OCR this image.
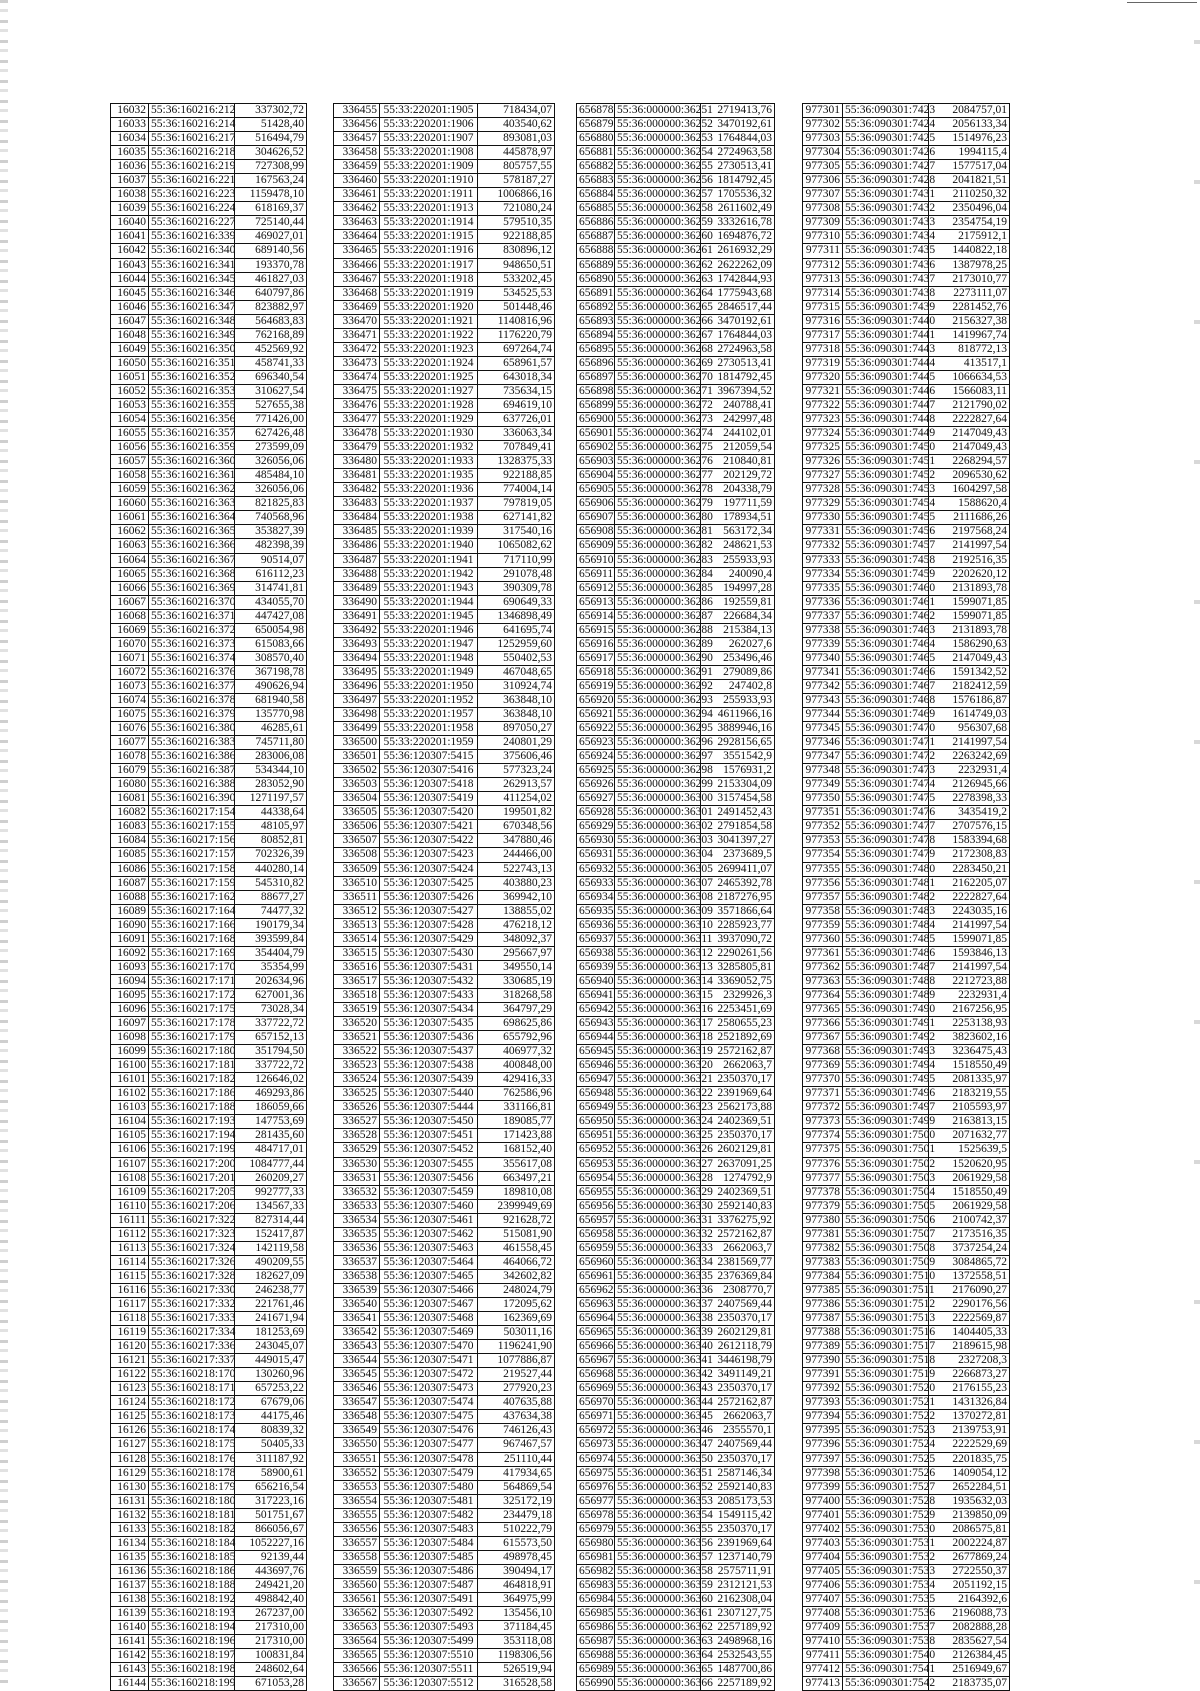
16032	55:36:160216:212	337302,72
16033	55:36:160216:214	51428,40
16034	55:36:160216:217	516494,79
16035	55:36:160216:218	304626,52
16036	55:36:160216:219	727308,99
16037	55:36:160216:221	167563,24
16038	55:36:160216:223	1159478,10
16039	55:36:160216:224	618169,37
16040	55:36:160216:227	725140,44
16041	55:36:160216:339	469027,01
16042	55:36:160216:340	689140,56
16043	55:36:160216:341	193370,78
16044	55:36:160216:345	461827,03
16045	55:36:160216:346	640797,86
16046	55:36:160216:347	823882,97
16047	55:36:160216:348	564683,83
16048	55:36:160216:349	762168,89
16049	55:36:160216:350	452569,92
16050	55:36:160216:351	458741,33
16051	55:36:160216:352	696340,54
16052	55:36:160216:353	310627,54
16053	55:36:160216:355	527655,38
16054	55:36:160216:356	771426,00
16055	55:36:160216:357	627426,48
16056	55:36:160216:359	273599,09
16057	55:36:160216:360	326056,06
16058	55:36:160216:361	485484,10
16059	55:36:160216:362	326056,06
16060	55:36:160216:363	821825,83
16061	55:36:160216:364	740568,96
16062	55:36:160216:365	353827,39
16063	55:36:160216:366	482398,39
16064	55:36:160216:367	90514,07
16065	55:36:160216:368	616112,23
16066	55:36:160216:369	314741,81
16067	55:36:160216:370	434055,70
16068	55:36:160216:371	447427,08
16069	55:36:160216:372	650054,98
16070	55:36:160216:373	615083,66
16071	55:36:160216:374	308570,40
16072	55:36:160216:376	367198,78
16073	55:36:160216:377	490626,94
16074	55:36:160216:378	681940,58
16075	55:36:160216:379	135770,98
16076	55:36:160216:380	46285,61
16077	55:36:160216:383	745711,80
16078	55:36:160216:386	283006,08
16079	55:36:160216:387	534344,10
16080	55:36:160216:388	283052,90
16081	55:36:160216:390	1271197,57
16082	55:36:160217:154	44338,64
16083	55:36:160217:155	48105,97
16084	55:36:160217:156	80852,81
16085	55:36:160217:157	702326,39
16086	55:36:160217:158	440280,14
16087	55:36:160217:159	545310,82
16088	55:36:160217:162	88677,27
16089	55:36:160217:164	74477,32
16090	55:36:160217:166	190179,34
16091	55:36:160217:168	393599,84
16092	55:36:160217:169	354404,79
16093	55:36:160217:170	35354,99
16094	55:36:160217:171	202634,96
16095	55:36:160217:172	627001,36
16096	55:36:160217:175	73028,34
16097	55:36:160217:178	337722,72
16098	55:36:160217:179	657152,13
16099	55:36:160217:180	351794,50
16100	55:36:160217:181	337722,72
16101	55:36:160217:182	126646,02
16102	55:36:160217:186	469293,86
16103	55:36:160217:188	186059,66
16104	55:36:160217:193	147753,69
16105	55:36:160217:194	281435,60
16106	55:36:160217:199	484717,01
16107	55:36:160217:200	1084777,44
16108	55:36:160217:201	260209,27
16109	55:36:160217:205	992777,33
16110	55:36:160217:206	134567,33
16111	55:36:160217:322	827314,44
16112	55:36:160217:323	152417,87
16113	55:36:160217:324	142119,58
16114	55:36:160217:326	490209,55
16115	55:36:160217:328	182627,09
16116	55:36:160217:330	246238,77
16117	55:36:160217:332	221761,46
16118	55:36:160217:333	241671,94
16119	55:36:160217:334	181253,69
16120	55:36:160217:336	243045,07
16121	55:36:160217:337	449015,47
16122	55:36:160218:170	130260,96
16123	55:36:160218:171	657253,22
16124	55:36:160218:172	67679,06
16125	55:36:160218:173	44175,46
16126	55:36:160218:174	80839,32
16127	55:36:160218:175	50405,33
16128	55:36:160218:176	311187,92
16129	55:36:160218:178	58900,61
16130	55:36:160218:179	656216,54
16131	55:36:160218:180	317223,16
16132	55:36:160218:181	501751,67
16133	55:36:160218:182	866056,67
16134	55:36:160218:184	1052227,16
16135	55:36:160218:185	92139,44
16136	55:36:160218:186	443697,76
16137	55:36:160218:188	249421,20
16138	55:36:160218:192	498842,40
16139	55:36:160218:193	267237,00
16140	55:36:160218:194	217310,00
16141	55:36:160218:196	217310,00
16142	55:36:160218:197	100831,84
16143	55:36:160218:198	248602,64
16144	55:36:160218:199	671053,28
336455	55:33:220201:1905	718434,07
336456	55:33:220201:1906	403540,62
336457	55:33:220201:1907	893081,03
336458	55:33:220201:1908	445878,97
336459	55:33:220201:1909	805757,55
336460	55:33:220201:1910	578187,27
336461	55:33:220201:1911	1006866,16
336462	55:33:220201:1913	721080,24
336463	55:33:220201:1914	579510,35
336464	55:33:220201:1915	922188,85
336465	55:33:220201:1916	830896,12
336466	55:33:220201:1917	948650,51
336467	55:33:220201:1918	533202,45
336468	55:33:220201:1919	534525,53
336469	55:33:220201:1920	501448,46
336470	55:33:220201:1921	1140816,96
336471	55:33:220201:1922	1176220,79
336472	55:33:220201:1923	697264,74
336473	55:33:220201:1924	658961,57
336474	55:33:220201:1925	643018,34
336475	55:33:220201:1927	735634,15
336476	55:33:220201:1928	694619,10
336477	55:33:220201:1929	637726,01
336478	55:33:220201:1930	336063,34
336479	55:33:220201:1932	707849,41
336480	55:33:220201:1933	1328375,33
336481	55:33:220201:1935	922188,85
336482	55:33:220201:1936	774004,14
336483	55:33:220201:1937	797819,05
336484	55:33:220201:1938	627141,82
336485	55:33:220201:1939	317540,16
336486	55:33:220201:1940	1065082,62
336487	55:33:220201:1941	717110,99
336488	55:33:220201:1942	291078,48
336489	55:33:220201:1943	390309,78
336490	55:33:220201:1944	690649,33
336491	55:33:220201:1945	1346898,49
336492	55:33:220201:1946	641695,74
336493	55:33:220201:1947	1252959,60
336494	55:33:220201:1948	550402,53
336495	55:33:220201:1949	467048,65
336496	55:33:220201:1950	310924,74
336497	55:33:220201:1952	363848,10
336498	55:33:220201:1957	363848,10
336499	55:33:220201:1958	897050,27
336500	55:33:220201:1959	240801,29
336501	55:36:120307:5415	375606,46
336502	55:36:120307:5416	577323,24
336503	55:36:120307:5418	262913,57
336504	55:36:120307:5419	411254,02
336505	55:36:120307:5420	199501,82
336506	55:36:120307:5421	670348,56
336507	55:36:120307:5422	347880,46
336508	55:36:120307:5423	244466,00
336509	55:36:120307:5424	522743,13
336510	55:36:120307:5425	403880,23
336511	55:36:120307:5426	369942,10
336512	55:36:120307:5427	138855,02
336513	55:36:120307:5428	476218,12
336514	55:36:120307:5429	348092,37
336515	55:36:120307:5430	295667,97
336516	55:36:120307:5431	349550,14
336517	55:36:120307:5432	330685,19
336518	55:36:120307:5433	318268,58
336519	55:36:120307:5434	364797,29
336520	55:36:120307:5435	698625,86
336521	55:36:120307:5436	655792,96
336522	55:36:120307:5437	406977,32
336523	55:36:120307:5438	400848,00
336524	55:36:120307:5439	429416,33
336525	55:36:120307:5440	762586,96
336526	55:36:120307:5444	331166,81
336527	55:36:120307:5450	189085,77
336528	55:36:120307:5451	171423,88
336529	55:36:120307:5452	168152,40
336530	55:36:120307:5455	355617,08
336531	55:36:120307:5456	663497,21
336532	55:36:120307:5459	189810,08
336533	55:36:120307:5460	2399949,69
336534	55:36:120307:5461	921628,72
336535	55:36:120307:5462	515081,90
336536	55:36:120307:5463	461558,45
336537	55:36:120307:5464	464066,72
336538	55:36:120307:5465	342602,82
336539	55:36:120307:5466	248024,79
336540	55:36:120307:5467	172095,62
336541	55:36:120307:5468	162369,69
336542	55:36:120307:5469	503011,16
336543	55:36:120307:5470	1196241,90
336544	55:36:120307:5471	1077886,87
336545	55:36:120307:5472	219527,44
336546	55:36:120307:5473	277920,23
336547	55:36:120307:5474	407635,88
336548	55:36:120307:5475	437634,38
336549	55:36:120307:5476	746126,43
336550	55:36:120307:5477	967467,57
336551	55:36:120307:5478	251110,44
336552	55:36:120307:5479	417934,65
336553	55:36:120307:5480	564869,54
336554	55:36:120307:5481	325172,19
336555	55:36:120307:5482	234479,18
336556	55:36:120307:5483	510222,79
336557	55:36:120307:5484	615573,50
336558	55:36:120307:5485	498978,45
336559	55:36:120307:5486	390494,17
336560	55:36:120307:5487	464818,91
336561	55:36:120307:5491	364975,99
336562	55:36:120307:5492	135456,10
336563	55:36:120307:5493	371184,45
336564	55:36:120307:5499	353118,08
336565	55:36:120307:5510	1198306,56
336566	55:36:120307:5511	526519,94
336567	55:36:120307:5512	316528,58
656878	55:36:000000:36251	2719413,76
656879	55:36:000000:36252	3470192,61
656880	55:36:000000:36253	1764844,03
656881	55:36:000000:36254	2724963,58
656882	55:36:000000:36255	2730513,41
656883	55:36:000000:36256	1814792,45
656884	55:36:000000:36257	1705536,32
656885	55:36:000000:36258	2611602,49
656886	55:36:000000:36259	3332616,78
656887	55:36:000000:36260	1694876,72
656888	55:36:000000:36261	2616932,29
656889	55:36:000000:36262	2622262,09
656890	55:36:000000:36263	1742844,93
656891	55:36:000000:36264	1775943,68
656892	55:36:000000:36265	2846517,44
656893	55:36:000000:36266	3470192,61
656894	55:36:000000:36267	1764844,03
656895	55:36:000000:36268	2724963,58
656896	55:36:000000:36269	2730513,41
656897	55:36:000000:36270	1814792,45
656898	55:36:000000:36271	3967394,52
656899	55:36:000000:36272	240788,41
656900	55:36:000000:36273	242997,48
656901	55:36:000000:36274	244102,01
656902	55:36:000000:36275	212059,54
656903	55:36:000000:36276	210840,81
656904	55:36:000000:36277	202129,72
656905	55:36:000000:36278	204338,79
656906	55:36:000000:36279	197711,59
656907	55:36:000000:36280	178934,51
656908	55:36:000000:36281	563172,34
656909	55:36:000000:36282	248621,53
656910	55:36:000000:36283	255933,93
656911	55:36:000000:36284	240090,4
656912	55:36:000000:36285	194997,28
656913	55:36:000000:36286	192559,81
656914	55:36:000000:36287	226684,34
656915	55:36:000000:36288	215384,13
656916	55:36:000000:36289	262027,6
656917	55:36:000000:36290	253496,46
656918	55:36:000000:36291	279089,86
656919	55:36:000000:36292	247402,8
656920	55:36:000000:36293	255933,93
656921	55:36:000000:36294	4611966,16
656922	55:36:000000:36295	3889946,16
656923	55:36:000000:36296	2928156,65
656924	55:36:000000:36297	3551542,9
656925	55:36:000000:36298	1576931,2
656926	55:36:000000:36299	2153304,09
656927	55:36:000000:36300	3157454,58
656928	55:36:000000:36301	2491452,43
656929	55:36:000000:36302	2791854,58
656930	55:36:000000:36303	3041397,27
656931	55:36:000000:36304	2373689,5
656932	55:36:000000:36305	2699411,07
656933	55:36:000000:36307	2465392,78
656934	55:36:000000:36308	2187276,95
656935	55:36:000000:36309	3571866,64
656936	55:36:000000:36310	2285923,77
656937	55:36:000000:36311	3937090,72
656938	55:36:000000:36312	2290261,56
656939	55:36:000000:36313	3285805,81
656940	55:36:000000:36314	3369052,75
656941	55:36:000000:36315	2329926,3
656942	55:36:000000:36316	2253451,69
656943	55:36:000000:36317	2580655,23
656944	55:36:000000:36318	2521892,69
656945	55:36:000000:36319	2572162,87
656946	55:36:000000:36320	2662063,7
656947	55:36:000000:36321	2350370,17
656948	55:36:000000:36322	2391969,64
656949	55:36:000000:36323	2562173,88
656950	55:36:000000:36324	2402369,51
656951	55:36:000000:36325	2350370,17
656952	55:36:000000:36326	2602129,81
656953	55:36:000000:36327	2637091,25
656954	55:36:000000:36328	1274792,9
656955	55:36:000000:36329	2402369,51
656956	55:36:000000:36330	2592140,83
656957	55:36:000000:36331	3376275,92
656958	55:36:000000:36332	2572162,87
656959	55:36:000000:36333	2662063,7
656960	55:36:000000:36334	2381569,77
656961	55:36:000000:36335	2376369,84
656962	55:36:000000:36336	2308770,7
656963	55:36:000000:36337	2407569,44
656964	55:36:000000:36338	2350370,17
656965	55:36:000000:36339	2602129,81
656966	55:36:000000:36340	2612118,79
656967	55:36:000000:36341	3446198,79
656968	55:36:000000:36342	3491149,21
656969	55:36:000000:36343	2350370,17
656970	55:36:000000:36344	2572162,87
656971	55:36:000000:36345	2662063,7
656972	55:36:000000:36346	2355570,1
656973	55:36:000000:36347	2407569,44
656974	55:36:000000:36350	2350370,17
656975	55:36:000000:36351	2587146,34
656976	55:36:000000:36352	2592140,83
656977	55:36:000000:36353	2085173,53
656978	55:36:000000:36354	1549115,42
656979	55:36:000000:36355	2350370,17
656980	55:36:000000:36356	2391969,64
656981	55:36:000000:36357	1237140,79
656982	55:36:000000:36358	2575711,91
656983	55:36:000000:36359	2312121,53
656984	55:36:000000:36360	2162308,04
656985	55:36:000000:36361	2307127,75
656986	55:36:000000:36362	2257189,92
656987	55:36:000000:36363	2498968,16
656988	55:36:000000:36364	2532543,55
656989	55:36:000000:36365	1487700,86
656990	55:36:000000:36366	2257189,92
977301	55:36:090301:7423	2084757,01
977302	55:36:090301:7424	2056133,34
977303	55:36:090301:7425	1514976,23
977304	55:36:090301:7426	1994115,4
977305	55:36:090301:7427	1577517,04
977306	55:36:090301:7428	2041821,51
977307	55:36:090301:7431	2110250,32
977308	55:36:090301:7432	2350496,04
977309	55:36:090301:7433	2354754,19
977310	55:36:090301:7434	2175912,1
977311	55:36:090301:7435	1440822,18
977312	55:36:090301:7436	1387978,25
977313	55:36:090301:7437	2173010,77
977314	55:36:090301:7438	2273111,07
977315	55:36:090301:7439	2281452,76
977316	55:36:090301:7440	2156327,38
977317	55:36:090301:7441	1419967,74
977318	55:36:090301:7443	818772,13
977319	55:36:090301:7444	413517,1
977320	55:36:090301:7445	1066634,53
977321	55:36:090301:7446	1566083,11
977322	55:36:090301:7447	2121790,02
977323	55:36:090301:7448	2222827,64
977324	55:36:090301:7449	2147049,43
977325	55:36:090301:7450	2147049,43
977326	55:36:090301:7451	2268294,57
977327	55:36:090301:7452	2096530,62
977328	55:36:090301:7453	1604297,58
977329	55:36:090301:7454	1588620,4
977330	55:36:090301:7455	2111686,26
977331	55:36:090301:7456	2197568,24
977332	55:36:090301:7457	2141997,54
977333	55:36:090301:7458	2192516,35
977334	55:36:090301:7459	2202620,12
977335	55:36:090301:7460	2131893,78
977336	55:36:090301:7461	1599071,85
977337	55:36:090301:7462	1599071,85
977338	55:36:090301:7463	2131893,78
977339	55:36:090301:7464	1586290,63
977340	55:36:090301:7465	2147049,43
977341	55:36:090301:7466	1591342,52
977342	55:36:090301:7467	2182412,59
977343	55:36:090301:7468	1576186,87
977344	55:36:090301:7469	1614749,03
977345	55:36:090301:7470	956307,68
977346	55:36:090301:7471	2141997,54
977347	55:36:090301:7472	2263242,69
977348	55:36:090301:7473	2232931,4
977349	55:36:090301:7474	2126945,66
977350	55:36:090301:7475	2278398,33
977351	55:36:090301:7476	3435419,2
977352	55:36:090301:7477	2707576,15
977353	55:36:090301:7478	1583394,68
977354	55:36:090301:7479	2172308,83
977355	55:36:090301:7480	2283450,21
977356	55:36:090301:7481	2162205,07
977357	55:36:090301:7482	2222827,64
977358	55:36:090301:7483	2243035,16
977359	55:36:090301:7484	2141997,54
977360	55:36:090301:7485	1599071,85
977361	55:36:090301:7486	1593846,13
977362	55:36:090301:7487	2141997,54
977363	55:36:090301:7488	2212723,88
977364	55:36:090301:7489	2232931,4
977365	55:36:090301:7490	2167256,95
977366	55:36:090301:7491	2253138,93
977367	55:36:090301:7492	3823602,16
977368	55:36:090301:7493	3236475,43
977369	55:36:090301:7494	1518550,49
977370	55:36:090301:7495	2081335,97
977371	55:36:090301:7496	2183219,55
977372	55:36:090301:7497	2105593,97
977373	55:36:090301:7499	2163813,15
977374	55:36:090301:7500	2071632,77
977375	55:36:090301:7501	1525639,5
977376	55:36:090301:7502	1520620,95
977377	55:36:090301:7503	2061929,58
977378	55:36:090301:7504	1518550,49
977379	55:36:090301:7505	2061929,58
977380	55:36:090301:7506	2100742,37
977381	55:36:090301:7507	2173516,35
977382	55:36:090301:7508	3737254,24
977383	55:36:090301:7509	3084865,72
977384	55:36:090301:7510	1372558,51
977385	55:36:090301:7511	2176090,27
977386	55:36:090301:7512	2290176,56
977387	55:36:090301:7513	2222569,87
977388	55:36:090301:7516	1404405,33
977389	55:36:090301:7517	2189615,98
977390	55:36:090301:7518	2327208,3
977391	55:36:090301:7519	2266873,27
977392	55:36:090301:7520	2176155,23
977393	55:36:090301:7521	1431326,84
977394	55:36:090301:7522	1370272,81
977395	55:36:090301:7523	2139753,91
977396	55:36:090301:7524	2222529,69
977397	55:36:090301:7525	2201835,75
977398	55:36:090301:7526	1409054,12
977399	55:36:090301:7527	2652284,51
977400	55:36:090301:7528	1935632,03
977401	55:36:090301:7529	2139850,09
977402	55:36:090301:7530	2086575,81
977403	55:36:090301:7531	2002224,87
977404	55:36:090301:7532	2677869,24
977405	55:36:090301:7533	2722550,37
977406	55:36:090301:7534	2051192,15
977407	55:36:090301:7535	2164392,6
977408	55:36:090301:7536	2196088,73
977409	55:36:090301:7537	2082888,28
977410	55:36:090301:7538	2835627,54
977411	55:36:090301:7540	2126384,45
977412	55:36:090301:7541	2516949,67
977413	55:36:090301:7542	2183735,07
